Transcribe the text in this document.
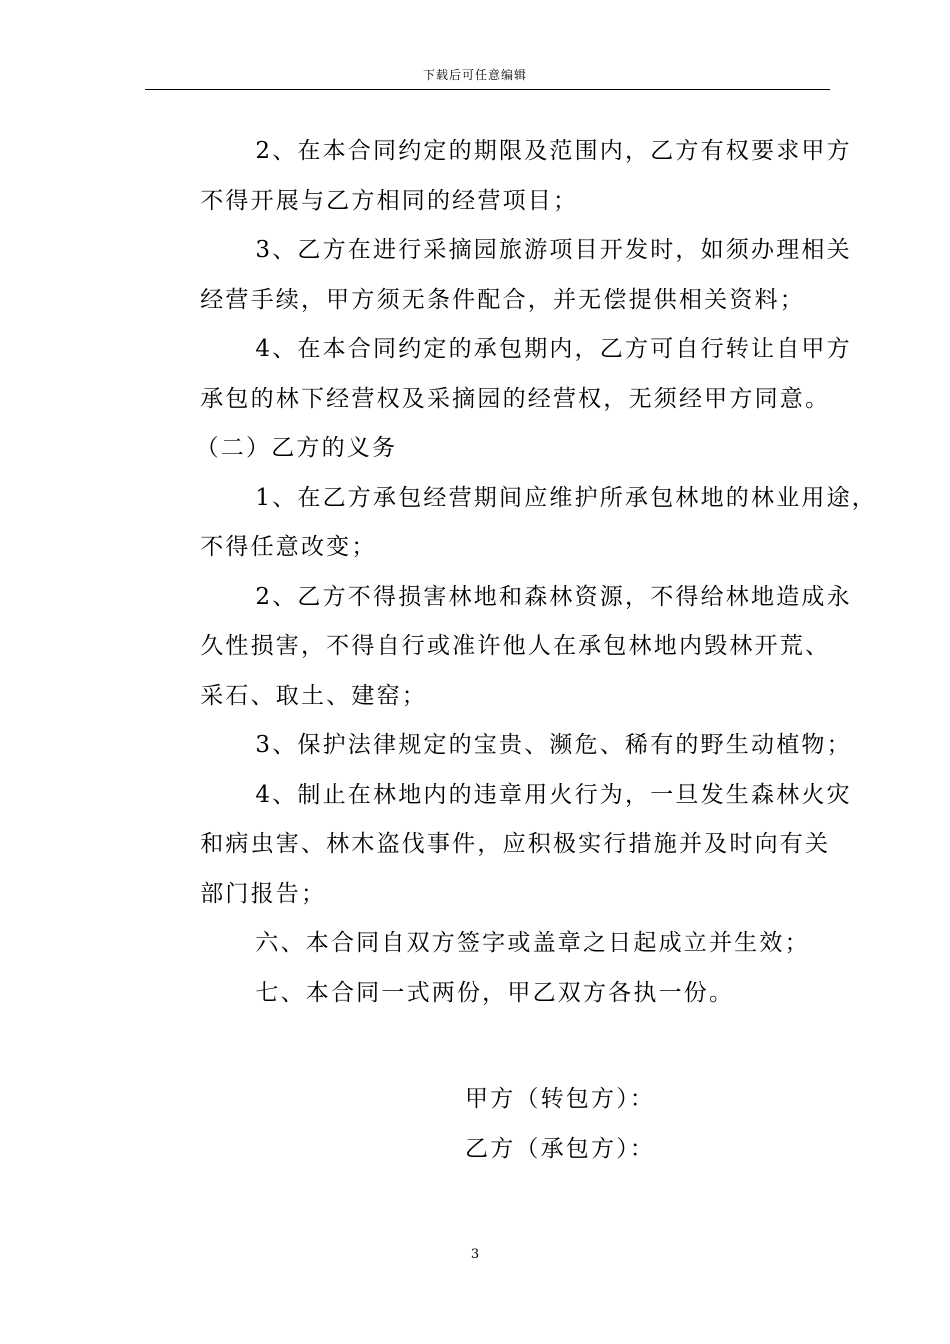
下载后可任意编辑

2、在本合同约定的期限及范围内，乙方有权要求甲方
不得开展与乙方相同的经营项目；

3、乙方在进行采摘园旅游项目开发时，如须办理相关
经营手续，甲方须无条件配合，并无偿提供相关资料；

4、在本合同约定的承包期内，乙方可自行转让自甲方
承包的林下经营权及采摘园的经营权，无须经甲方同意。

（二）乙方的义务

1、在乙方承包经营期间应维护所承包林地的林业用途，
不得任意改变；

2、乙方不得损害林地和森林资源，不得给林地造成永
久性损害，不得自行或准许他人在承包林地内毁林开荒、
采石、取土、建窑；

3、保护法律规定的宝贵、濒危、稀有的野生动植物；

4、制止在林地内的违章用火行为，一旦发生森林火灾
和病虫害、林木盗伐事件，应积极实行措施并及时向有关
部门报告；

六、本合同自双方签字或盖章之日起成立并生效；

七、本合同一式两份，甲乙双方各执一份。

甲方（转包方）：
乙方（承包方）：
3
